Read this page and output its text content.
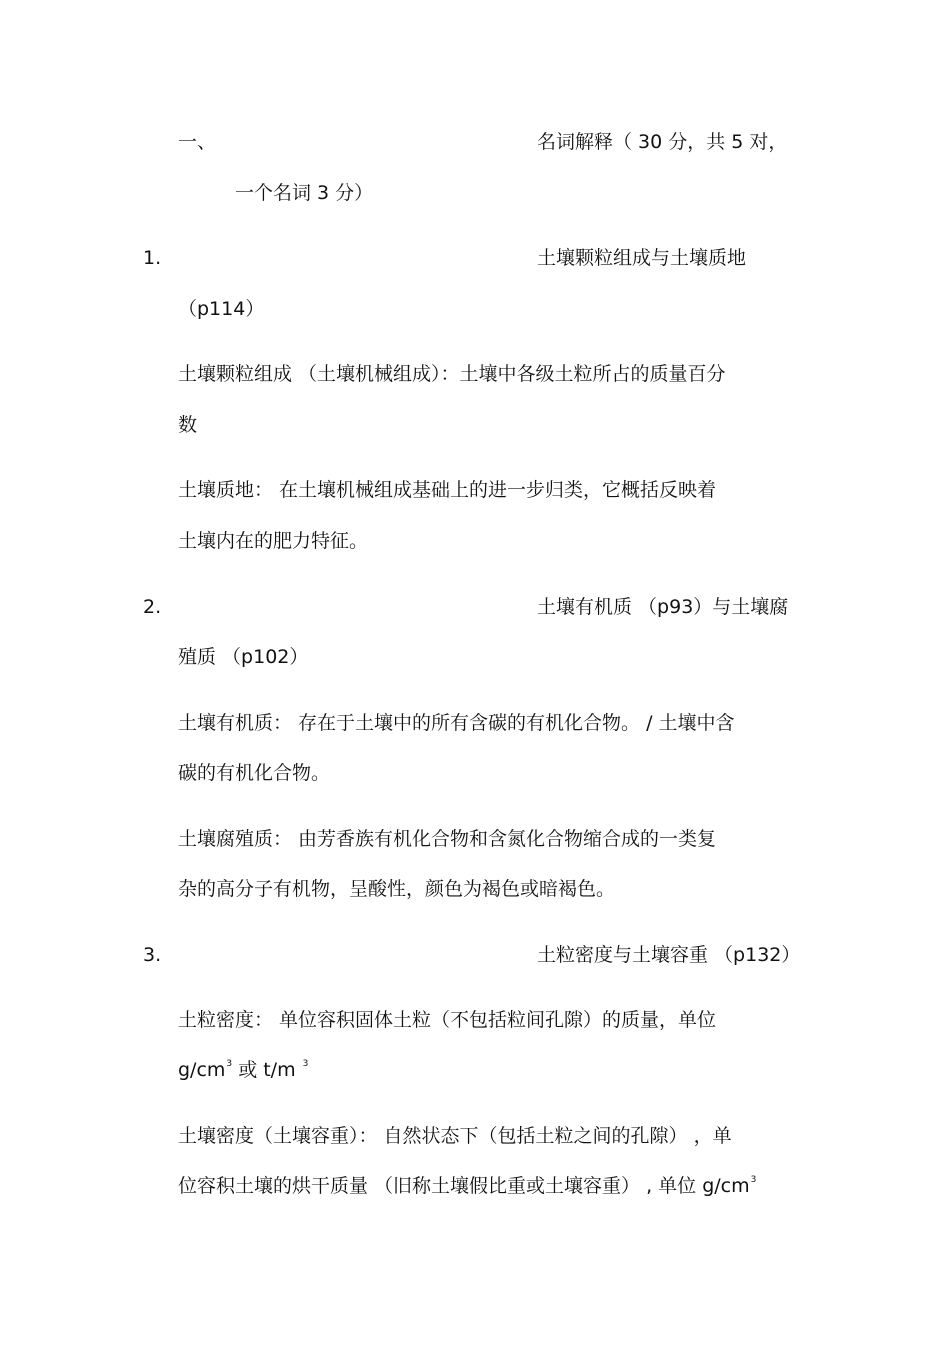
一、	名词解释（ 30 分，共 5 对，
一个名词 3 分）
1.	土壤颗粒组成与土壤质地
（p114）
土壤颗粒组成 （土壤机械组成）：土壤中各级土粒所占的质量百分
数
土壤质地： 在土壤机械组成基础上的进一步归类，它概括反映着
土壤内在的肥力特征。
2.	土壤有机质 （p93）与土壤腐
殖质 （p102）
土壤有机质： 存在于土壤中的所有含碳的有机化合物。 / 土壤中含
碳的有机化合物。
土壤腐殖质： 由芳香族有机化合物和含氮化合物缩合成的一类复
杂的高分子有机物，呈酸性，颜色为褐色或暗褐色。
3.	土粒密度与土壤容重 （p132）
土粒密度： 单位容积固体土粒（不包括粒间孔隙）的质量，单位
$g/cm^3$ 或 t/m $^3$
土壤密度（土壤容重）： 自然状态下（包括土粒之间的孔隙） ，单
位容积土壤的烘干质量 （旧称土壤假比重或土壤容重） , 单位 $g/cm^3$
